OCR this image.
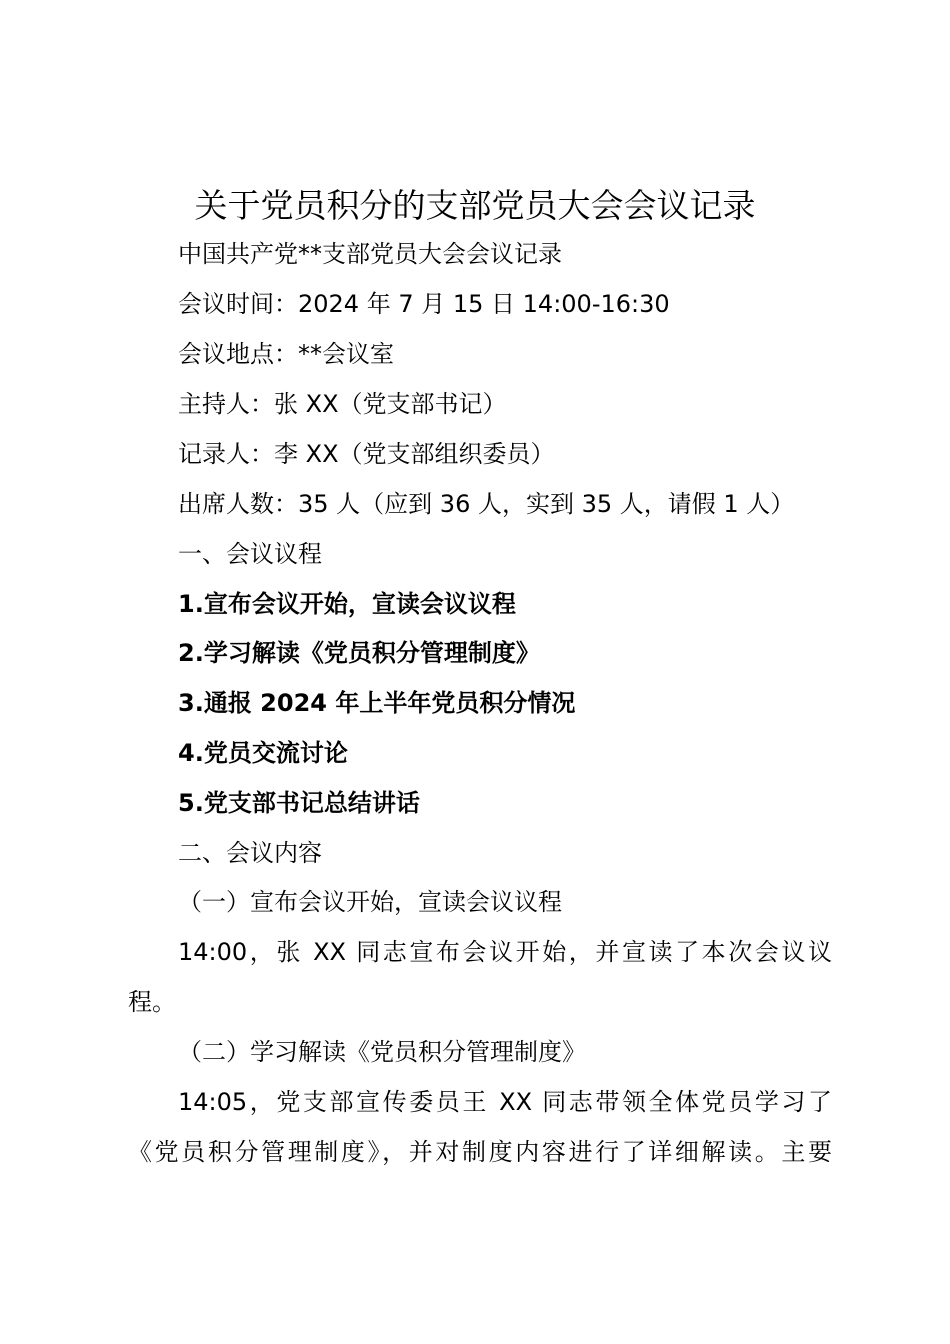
关于党员积分的支部党员大会会议记录
中国共产党**支部党员大会会议记录
会议时间：2024 年 7 月 15 日 14:00-16:30
会议地点：**会议室
主持人：张 XX（党支部书记）
记录人：李 XX（党支部组织委员）
出席人数：35 人（应到 36 人，实到 35 人，请假 1 人）
一、会议议程
1.宣布会议开始，宣读会议议程
2.学习解读《党员积分管理制度》
3.通报 2024 年上半年党员积分情况
4.党员交流讨论
5.党支部书记总结讲话
二、会议内容
（一）宣布会议开始，宣读会议议程
14:00，张 XX 同志宣布会议开始，并宣读了本次会议议
程。
（二）学习解读《党员积分管理制度》
14:05，党支部宣传委员王 XX 同志带领全体党员学习了
《党员积分管理制度》，并对制度内容进行了详细解读。主要
